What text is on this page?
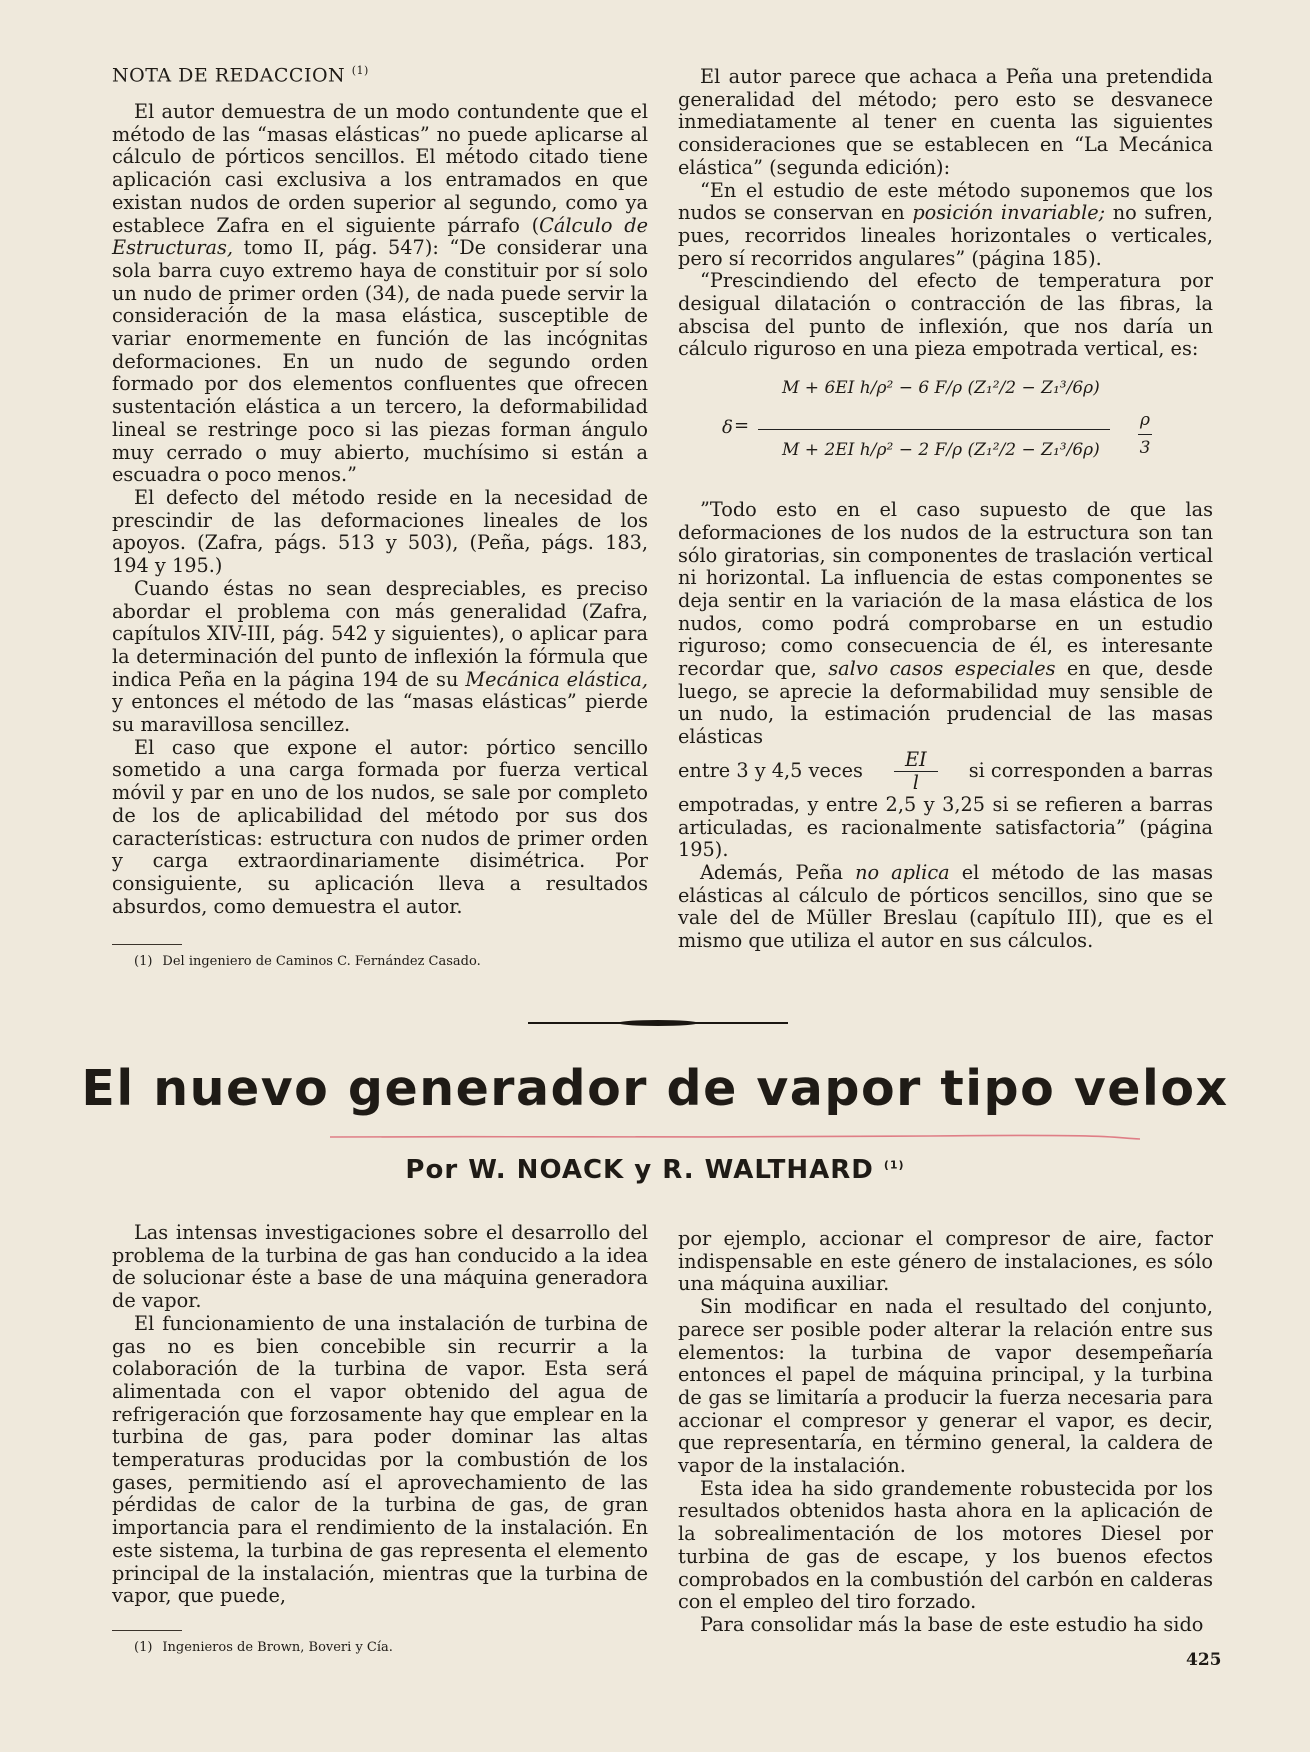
NOTA DE REDACCION $^{(1)}$

El autor demuestra de un modo contundente que el método de las “masas elásticas” no puede aplicarse al cálculo de pórticos sencillos. El método citado tiene aplicación casi exclusiva a los entramados en que existan nudos de orden superior al segundo, como ya establece Zafra en el siguiente párrafo (Cálculo de Estructuras, tomo II, pág. 547): “De considerar una sola barra cuyo extremo haya de constituir por sí solo un nudo de primer orden (34), de nada puede servir la consideración de la masa elástica, susceptible de variar enormemente en función de las incógnitas deformaciones. En un nudo de segundo orden formado por dos elementos confluentes que ofrecen sustentación elástica a un tercero, la deformabilidad lineal se restringe poco si las piezas forman ángulo muy cerrado o muy abierto, muchísimo si están a escuadra o poco menos.”

El defecto del método reside en la necesidad de prescindir de las deformaciones lineales de los apoyos. (Zafra, págs. 513 y 503), (Peña, págs. 183, 194 y 195.)

Cuando éstas no sean despreciables, es preciso abordar el problema con más generalidad (Zafra, capítulos XIV-III, pág. 542 y siguientes), o aplicar para la determinación del punto de inflexión la fórmula que indica Peña en la página 194 de su Mecánica elástica, y entonces el método de las “masas elásticas” pierde su maravillosa sencillez.

El caso que expone el autor: pórtico sencillo sometido a una carga formada por fuerza vertical móvil y par en uno de los nudos, se sale por completo de los de aplicabilidad del método por sus dos características: estructura con nudos de primer orden y carga extraordinariamente disimétrica. Por consiguiente, su aplicación lleva a resultados absurdos, como demuestra el autor.

(1) Del ingeniero de Caminos C. Fernández Casado.

El autor parece que achaca a Peña una pretendida generalidad del método; pero esto se desvanece inmediatamente al tener en cuenta las siguientes consideraciones que se establecen en “La Mecánica elástica” (segunda edición):

“En el estudio de este método suponemos que los nudos se conservan en posición invariable; no sufren, pues, recorridos lineales horizontales o verticales, pero sí recorridos angulares” (página 185).

“Prescindiendo del efecto de temperatura por desigual dilatación o contracción de las fibras, la abscisa del punto de inflexión, que nos daría un cálculo riguroso en una pieza empotrada vertical, es:

δ =
M + 6EI h/ρ² − 6 F/ρ (Z₁²/2 − Z₁³/6ρ)
M + 2EI h/ρ² − 2 F/ρ (Z₁²/2 − Z₁³/6ρ)
ρ
3

”Todo esto en el caso supuesto de que las deformaciones de los nudos de la estructura son tan sólo giratorias, sin componentes de traslación vertical ni horizontal. La influencia de estas componentes se deja sentir en la variación de la masa elástica de los nudos, como podrá comprobarse en un estudio riguroso; como consecuencia de él, es interesante recordar que, salvo casos especiales en que, desde luego, se aprecie la deformabilidad muy sensible de un nudo, la estimación prudencial de las masas elásticas

entre 3 y 4,5 veces	EI
l
si corresponden a barras

empotradas, y entre 2,5 y 3,25 si se refieren a barras articuladas, es racionalmente satisfactoria” (página 195).

Además, Peña no aplica el método de las masas elásticas al cálculo de pórticos sencillos, sino que se vale del de Müller Breslau (capítulo III), que es el mismo que utiliza el autor en sus cálculos.

El nuevo generador de vapor tipo velox
Por W. NOACK y R. WALTHARD $^{(1)}$

Las intensas investigaciones sobre el desarrollo del problema de la turbina de gas han conducido a la idea de solucionar éste a base de una máquina generadora de vapor.

El funcionamiento de una instalación de turbina de gas no es bien concebible sin recurrir a la colaboración de la turbina de vapor. Esta será alimentada con el vapor obtenido del agua de refrigeración que forzosamente hay que emplear en la turbina de gas, para poder dominar las altas temperaturas producidas por la combustión de los gases, permitiendo así el aprovechamiento de las pérdidas de calor de la turbina de gas, de gran importancia para el rendimiento de la instalación. En este sistema, la turbina de gas representa el elemento principal de la instalación, mientras que la turbina de vapor, que puede,

(1) Ingenieros de Brown, Boveri y Cía.

por ejemplo, accionar el compresor de aire, factor indispensable en este género de instalaciones, es sólo una máquina auxiliar.

Sin modificar en nada el resultado del conjunto, parece ser posible poder alterar la relación entre sus elementos: la turbina de vapor desempeñaría entonces el papel de máquina principal, y la turbina de gas se limitaría a producir la fuerza necesaria para accionar el compresor y generar el vapor, es decir, que representaría, en término general, la caldera de vapor de la instalación.

Esta idea ha sido grandemente robustecida por los resultados obtenidos hasta ahora en la aplicación de la sobrealimentación de los motores Diesel por turbina de gas de escape, y los buenos efectos comprobados en la combustión del carbón en calderas con el empleo del tiro forzado.

Para consolidar más la base de este estudio ha sido

425
